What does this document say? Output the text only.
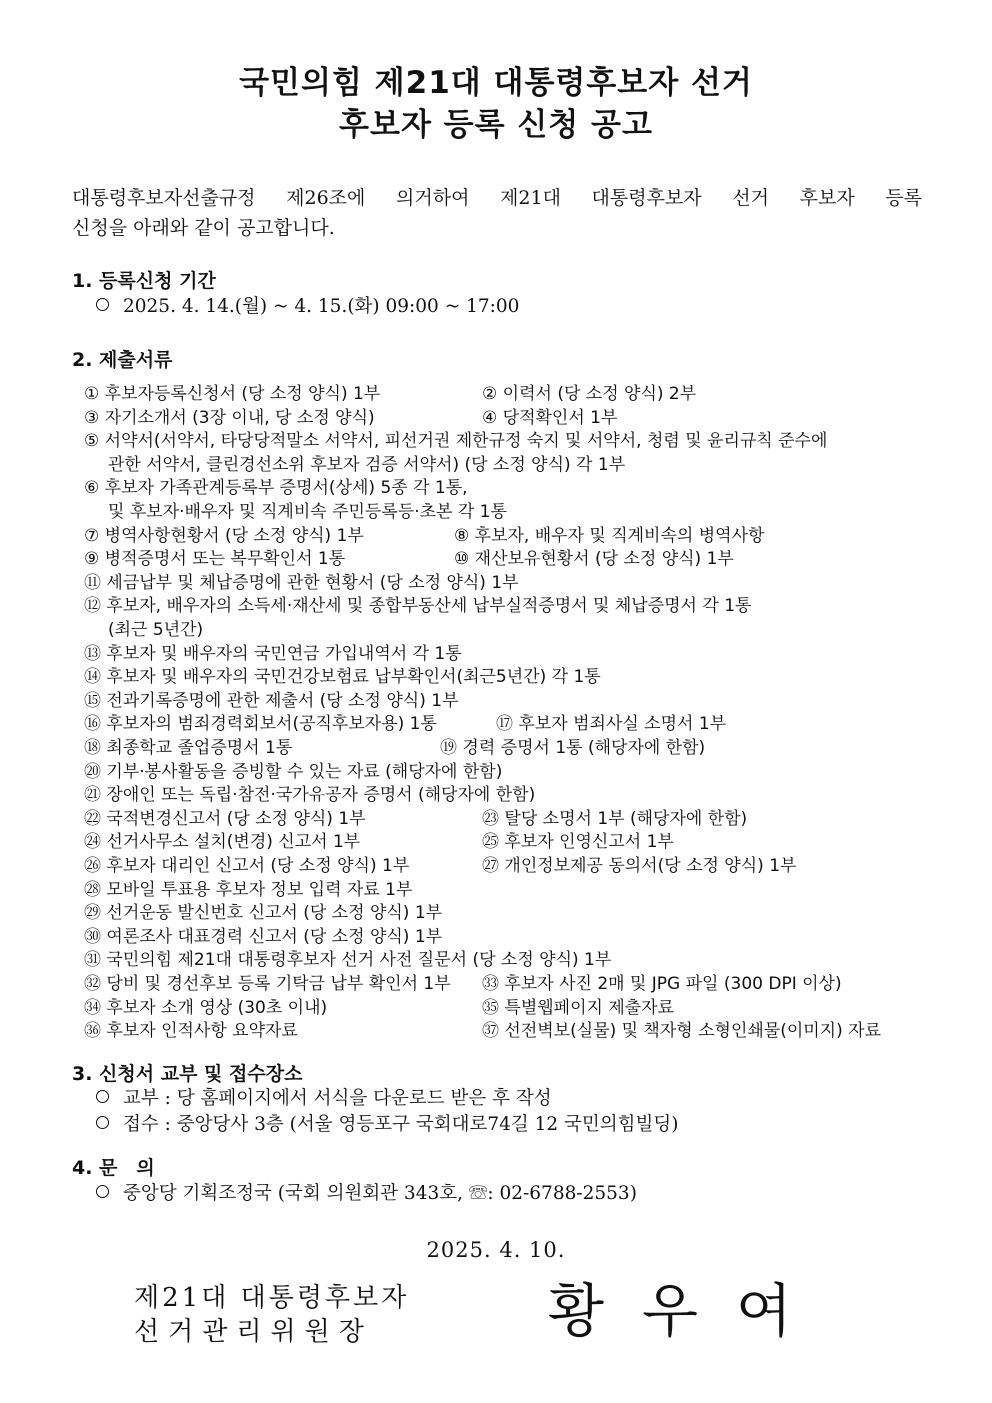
국민의힘 제21대 대통령후보자 선거
후보자 등록 신청 공고
대통령후보자선출규정 제26조에 의거하여 제21대 대통령후보자 선거 후보자 등록
신청을 아래와 같이 공고합니다.
1. 등록신청 기간
2025. 4. 14.(월) ~ 4. 15.(화) 09:00 ~ 17:00
2. 제출서류
① 후보자등록신청서 (당 소정 양식) 1부	② 이력서 (당 소정 양식) 2부
③ 자기소개서 (3장 이내, 당 소정 양식)	④ 당적확인서 1부
⑤ 서약서(서약서, 타당당적말소 서약서, 피선거권 제한규정 숙지 및 서약서, 청렴 및 윤리규칙 준수에
관한 서약서, 클린경선소위 후보자 검증 서약서) (당 소정 양식) 각 1부
⑥ 후보자 가족관계등록부 증명서(상세) 5종 각 1통,
및 후보자·배우자 및 직계비속 주민등록등·초본 각 1통
⑦ 병역사항현황서 (당 소정 양식) 1부	⑧ 후보자, 배우자 및 직계비속의 병역사항
⑨ 병적증명서 또는 복무확인서 1통	⑩ 재산보유현황서 (당 소정 양식) 1부
⑪ 세금납부 및 체납증명에 관한 현황서 (당 소정 양식) 1부
⑫ 후보자, 배우자의 소득세·재산세 및 종합부동산세 납부실적증명서 및 체납증명서 각 1통
(최근 5년간)
⑬ 후보자 및 배우자의 국민연금 가입내역서 각 1통
⑭ 후보자 및 배우자의 국민건강보험료 납부확인서(최근5년간) 각 1통
⑮ 전과기록증명에 관한 제출서 (당 소정 양식) 1부
⑯ 후보자의 범죄경력회보서(공직후보자용) 1통	⑰ 후보자 범죄사실 소명서 1부
⑱ 최종학교 졸업증명서 1통	⑲ 경력 증명서 1통 (해당자에 한함)
⑳ 기부·봉사활동을 증빙할 수 있는 자료 (해당자에 한함)
㉑ 장애인 또는 독립·참전·국가유공자 증명서 (해당자에 한함)
㉒ 국적변경신고서 (당 소정 양식) 1부	㉓ 탈당 소명서 1부 (해당자에 한함)
㉔ 선거사무소 설치(변경) 신고서 1부	㉕ 후보자 인영신고서 1부
㉖ 후보자 대리인 신고서 (당 소정 양식) 1부	㉗ 개인정보제공 동의서(당 소정 양식) 1부
㉘ 모바일 투표용 후보자 정보 입력 자료 1부
㉙ 선거운동 발신번호 신고서 (당 소정 양식) 1부
㉚ 여론조사 대표경력 신고서 (당 소정 양식) 1부
㉛ 국민의힘 제21대 대통령후보자 선거 사전 질문서 (당 소정 양식) 1부
㉜ 당비 및 경선후보 등록 기탁금 납부 확인서 1부 ㉝ 후보자 사진 2매 및 JPG 파일 (300 DPI 이상)
㉞ 후보자 소개 영상 (30초 이내)	㉟ 특별웹페이지 제출자료
㊱ 후보자 인적사항 요약자료	㊲ 선전벽보(실물) 및 책자형 소형인쇄물(이미지) 자료
3. 신청서 교부 및 접수장소
교부 : 당 홈페이지에서 서식을 다운로드 받은 후 작성
접수 : 중앙당사 3층 (서울 영등포구 국회대로74길 12 국민의힘빌딩)
4. 문　의
중앙당 기획조정국 (국회 의원회관 343호, ☏: 02-6788-2553)
2025. 4. 10.
제21대 대통령후보자
선거관리위원장	황우여
